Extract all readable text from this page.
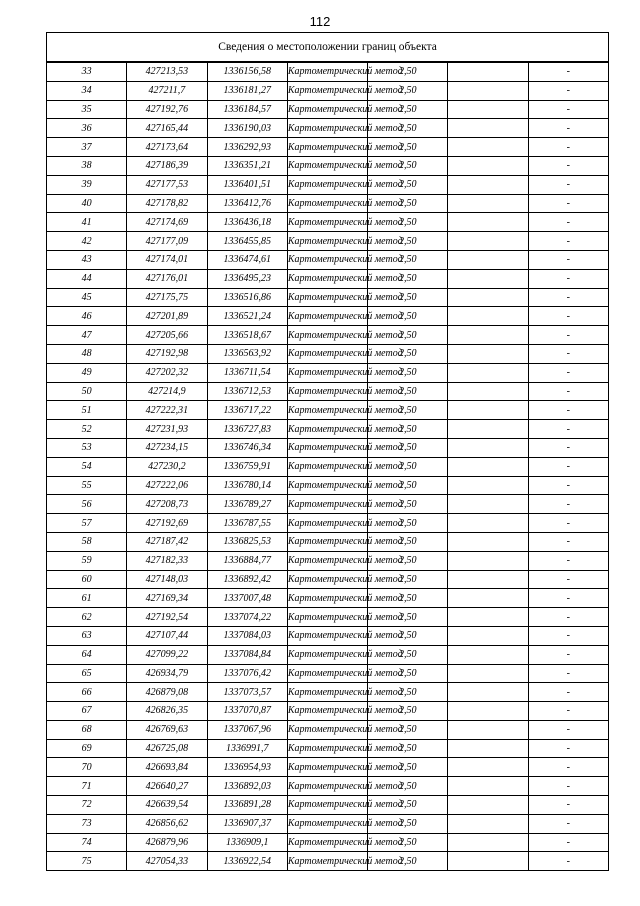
112
Сведения о местоположении границ объекта						
33	427213,53	1336156,58	Картометрический метод	2,50		-
34	427211,7	1336181,27	Картометрический метод	2,50		-
35	427192,76	1336184,57	Картометрический метод	2,50		-
36	427165,44	1336190,03	Картометрический метод	2,50		-
37	427173,64	1336292,93	Картометрический метод	2,50		-
38	427186,39	1336351,21	Картометрический метод	2,50		-
39	427177,53	1336401,51	Картометрический метод	2,50		-
40	427178,82	1336412,76	Картометрический метод	2,50		-
41	427174,69	1336436,18	Картометрический метод	2,50		-
42	427177,09	1336455,85	Картометрический метод	2,50		-
43	427174,01	1336474,61	Картометрический метод	2,50		-
44	427176,01	1336495,23	Картометрический метод	2,50		-
45	427175,75	1336516,86	Картометрический метод	2,50		-
46	427201,89	1336521,24	Картометрический метод	2,50		-
47	427205,66	1336518,67	Картометрический метод	2,50		-
48	427192,98	1336563,92	Картометрический метод	2,50		-
49	427202,32	1336711,54	Картометрический метод	2,50		-
50	427214,9	1336712,53	Картометрический метод	2,50		-
51	427222,31	1336717,22	Картометрический метод	2,50		-
52	427231,93	1336727,83	Картометрический метод	2,50		-
53	427234,15	1336746,34	Картометрический метод	2,50		-
54	427230,2	1336759,91	Картометрический метод	2,50		-
55	427222,06	1336780,14	Картометрический метод	2,50		-
56	427208,73	1336789,27	Картометрический метод	2,50		-
57	427192,69	1336787,55	Картометрический метод	2,50		-
58	427187,42	1336825,53	Картометрический метод	2,50		-
59	427182,33	1336884,77	Картометрический метод	2,50		-
60	427148,03	1336892,42	Картометрический метод	2,50		-
61	427169,34	1337007,48	Картометрический метод	2,50		-
62	427192,54	1337074,22	Картометрический метод	2,50		-
63	427107,44	1337084,03	Картометрический метод	2,50		-
64	427099,22	1337084,84	Картометрический метод	2,50		-
65	426934,79	1337076,42	Картометрический метод	2,50		-
66	426879,08	1337073,57	Картометрический метод	2,50		-
67	426826,35	1337070,87	Картометрический метод	2,50		-
68	426769,63	1337067,96	Картометрический метод	2,50		-
69	426725,08	1336991,7	Картометрический метод	2,50		-
70	426693,84	1336954,93	Картометрический метод	2,50		-
71	426640,27	1336892,03	Картометрический метод	2,50		-
72	426639,54	1336891,28	Картометрический метод	2,50		-
73	426856,62	1336907,37	Картометрический метод	2,50		-
74	426879,96	1336909,1	Картометрический метод	2,50		-
75	427054,33	1336922,54	Картометрический метод	2,50		-
